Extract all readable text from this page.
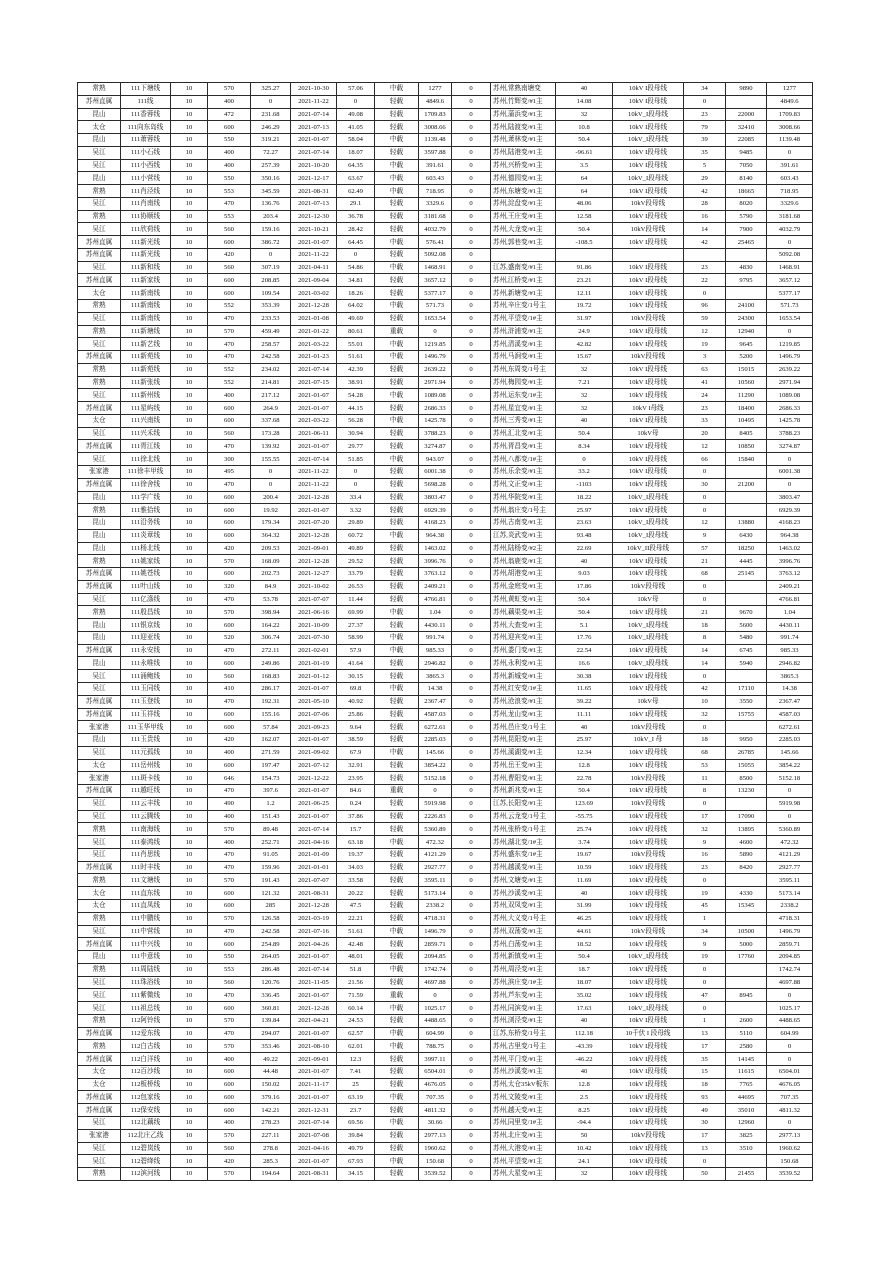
常熟	111下塘线	10	570	325.27	2021-10-30	57.06	中载	1277	0	苏州,常熟南塘变	40	10kV I段母线	34	9890	1277
苏州直属	111线	10	400	0	2021-11-22	0	轻载	4849.6	0	苏州,竹辉变/#1主	14.08	10kV I段母线	0		4849.6
昆山	111香蓉线	10	472	231.68	2021-07-14	49.08	轻载	1709.83	0	苏州,蒲浜变/#1主	32	10kV_I段母线	23	22000	1709.83
太仓	111向东岛线	10	600	246.29	2021-07-13	41.05	轻载	3008.66	0	苏州,陆渡变/#1主	10.8	10kV I段母线	79	32410	3008.66
昆山	111萧蓉线	10	550	319.21	2021-01-07	58.04	中载	1139.48	0	苏州,萧林变/#1主	50.4	10kV_I段母线	39	22085	1139.48
吴江	111小石线	10	400	72.27	2021-07-14	18.07	轻载	3597.88	0	苏州,陆港变/#1主	-96.61	10kV I段母线	35	9485	0
吴江	111小西线	10	400	257.39	2021-10-20	64.35	中载	391.61	0	苏州,兴桥变/#1主	3.5	10kV I段母线	5	7050	391.61
昆山	111小营线	10	550	350.16	2021-12-17	63.67	中载	603.43	0	苏州,德园变/#1主	64	10kV_I段母线	29	8140	603.43
常熟	111肖泾线	10	553	345.59	2021-08-31	62.49	中载	718.95	0	苏州,东塘变/#1主	64	10kV I段母线	42	18665	718.95
吴江	111肖南线	10	470	136.76	2021-07-13	29.1	轻载	3329.6	0	苏州,淀盘变/#1主	48.06	10kV段母线	28	8020	3329.6
常熟	111协顺线	10	553	203.4	2021-12-30	36.78	轻载	3181.68	0	苏州,王庄变/#1主	12.58	10kV I段母线	16	5790	3181.68
吴江	111欣荷线	10	560	159.16	2021-10-21	28.42	轻载	4032.79	0	苏州,大龙变/#1主	50.4	10kV段母线	14	7900	4032.79
苏州直属	111新光线	10	600	386.72	2021-01-07	64.45	中载	576.41	0	苏州,郭巷变/#1主	-108.5	10kV I段母线	42	25465	0
苏州直属	111新光线	10	420	0	2021-11-22	0	轻载	5092.08	0						5092.08
吴江	111新和线	10	560	307.19	2021-04-11	54.86	中载	1468.91	0	江苏,盛南变/#1主	91.86	10kV I段母线	23	4830	1468.91
苏州直属	111新家线	10	600	208.85	2021-09-04	34.81	轻载	3657.12	0	苏州,江桥变/#1主	23.21	10kV I段母线	22	9795	3657.12
太仓	111新南线	10	600	109.54	2021-03-02	18.26	轻载	5377.17	0	苏州,新塘变/#1主	12.11	10kV I段母线	0		5377.17
常熟	111新南线	10	552	353.39	2021-12-28	64.02	中载	571.73	0	苏州,辛庄变/1号主	19.72	10kV I段母线	96	24100	571.73
吴江	111新南线	10	470	233.53	2021-01-08	49.69	轻载	1653.54	0	苏州,平望变/1#主	31.97	10kV段母线	59	24300	1653.54
常熟	111新塘线	10	570	459.49	2021-01-22	80.61	重载	0	0	苏州,浒浦变/#1主	24.9	10kV I段母线	12	12940	0
吴江	111新艺线	10	470	258.57	2021-03-22	55.01	中载	1219.85	0	苏州,清溪变/#1主	42.82	10kV I段母线	19	9645	1219.85
苏州直属	111新苑线	10	470	242.58	2021-01-23	51.61	中载	1496.79	0	苏州,马涧变/#1主	15.67	10kV段母线	3	5200	1496.79
常熟	111新苑线	10	552	234.02	2021-07-14	42.39	轻载	2639.22	0	苏州,东周变/1号主	32	10kV I段母线	63	15015	2639.22
常熟	111新张线	10	552	214.81	2021-07-15	38.91	轻载	2971.94	0	苏州,梅园变/#1主	7.21	10kV I段母线	41	10560	2971.94
吴江	111新州线	10	400	217.12	2021-01-07	54.28	中载	1089.08	0	苏州,运东变/1#主	32	10kV I段母线	24	11290	1089.08
苏州直属	111星屿线	10	600	264.9	2021-01-07	44.15	轻载	2686.33	0	苏州,星宜变/#1主	32	10kV I母线	23	18400	2686.33
太仓	111兴南线	10	600	337.68	2021-03-22	56.28	中载	1425.78	0	苏州,三秀变/#1主	40	10kV I段母线	33	10495	1425.78
吴江	111兴禾线	10	560	173.28	2021-06-11	30.94	轻载	3788.23	0	苏州,汇北变/#1主	50.4	10kV母	20	8405	3788.23
苏州直属	111胥江线	10	470	139.92	2021-01-07	29.77	轻载	3274.87	0	苏州,胥昌变/#1主	8.34	10kV I段母线	12	10850	3274.87
吴江	111徐北线	10	300	155.55	2021-07-14	51.85	中载	943.07	0	苏州,八都变/1#主	0	10kV I段母线	66	15840	0
张家港	111徐丰甲线	10	495	0	2021-11-22	0	轻载	6001.38	0	苏州,乐余变/#1主	33.2	10kV I段母线	0		6001.38
苏州直属	111徐舍线	10	470	0	2021-11-22	0	轻载	5698.28	0	苏州,文正变/#1主	-1103	10kV I段母线	30	21200	0
昆山	111学广线	10	600	200.4	2021-12-28	33.4	轻载	3803.47	0	苏州,华院变/#1主	18.22	10kV_I段母线	0		3803.47
常熟	111雅拾线	10	600	19.92	2021-01-07	3.32	轻载	6929.39	0	苏州,翁庄变/1号主	25.97	10kV I段母线	0		6929.39
昆山	111沿务线	10	600	179.34	2021-07-20	29.89	轻载	4168.23	0	苏州,古南变/#1主	23.63	10kV_I段母线	12	13880	4168.23
昆山	111炎章线	10	600	364.32	2021-12-28	60.72	中载	964.38	0	江苏,炎武变/#1主	93.48	10kV_I段母线	9	6430	964.38
昆山	111杨北线	10	420	209.53	2021-09-01	49.89	轻载	1463.02	0	苏州,陆杨变/#2主	22.69	10kV_II段母线	57	18250	1463.02
常熟	111姚家线	10	570	168.09	2021-12-28	29.52	轻载	3996.76	0	苏州,翁鹿变/#1主	40	10kV I段母线	21	4445	3996.76
苏州直属	111姚苍线	10	600	202.73	2021-12-27	33.79	轻载	3763.12	0	苏州,胡港变/#1主	9.03	10kV I段母线	68	25145	3763.12
苏州直属	111叶山线	10	320	84.9	2021-10-02	26.53	轻载	2409.21	0	苏州,金庭变/#1主	17.86	10kV段母线	0		2409.21
吴江	111亿涤线	10	470	53.78	2021-07-07	11.44	轻载	4766.81	0	苏州,黄虹变/#1主	50.4	10kV母	0		4766.81
常熟	111殷昌线	10	570	398.94	2021-06-16	69.99	中载	1.04	0	苏州,藕渠变/#1主	50.4	10kV I段母线	21	9670	1.04
昆山	111银京线	10	600	164.22	2021-10-09	27.37	轻载	4430.11	0	苏州,大查变/#1主	5.1	10kV_I段母线	18	5600	4430.11
昆山	111迎亚线	10	520	306.74	2021-07-30	58.99	中载	991.74	0	苏州,迎宾变/#1主	17.76	10kV_I段母线	8	5480	991.74
苏州直属	111永安线	10	470	272.11	2021-02-01	57.9	中载	985.33	0	苏州,娄门变/#1主	22.54	10kV I段母线	14	6745	985.33
昆山	111永唯线	10	600	249.86	2021-01-19	41.64	轻载	2946.82	0	苏州,永利变/#1主	16.6	10kV_I段母线	14	5940	2946.82
吴江	111涌鲍线	10	560	168.83	2021-01-12	30.15	轻载	3865.3	0	苏州,新城变/#1主	30.38	10kV I段母线	0		3865.3
吴江	111玉同线	10	410	286.17	2021-01-07	69.8	中载	14.38	0	苏州,红安变/1#主	11.65	10kV I段母线	42	17110	14.38
苏州直属	111玉登线	10	470	192.31	2021-05-10	40.92	轻载	2367.47	0	苏州,沧浪变/#1主	39.22	10kV母	10	3550	2367.47
苏州直属	111玉祥线	10	600	155.16	2021-07-06	25.86	轻载	4587.03	0	苏州,龙山变/#1主	11.11	10kV I段母线	32	15755	4587.03
张家港	111玉华甲线	10	600	57.84	2021-09-23	9.64	轻载	6272.61	0	苏州,邑庄变/1号主	40	10kV段母线	0		6272.61
昆山	111玉贵线	10	420	162.07	2021-01-07	38.59	轻载	2285.03	0	苏州,昆阳变/#1主	25.97	10kV_I 母	18	9950	2285.03
吴江	111元孤线	10	400	271.59	2021-09-02	67.9	中载	145.66	0	苏州,溪湖变/#1主	12.34	10kV I段母线	68	26785	145.66
太仓	111岳州线	10	600	197.47	2021-07-12	32.91	轻载	3854.22	0	苏州,岳王变/#1主	12.8	10kV I段母线	53	15055	3854.22
张家港	111斑卡线	10	646	154.73	2021-12-22	23.95	轻载	5152.18	0	苏州,曹阳变/#1主	22.78	10kV段母线	11	8500	5152.18
苏州直属	111越旺线	10	470	397.6	2021-01-07	84.6	重载	0	0	苏州,新兆变/#1主	50.4	10kV I段母线	8	13230	0
吴江	111云丰线	10	490	1.2	2021-06-25	0.24	轻载	5919.98	0	江苏,长阳变/#1主	123.69	10kV段母线	0		5919.98
吴江	111云腾线	10	400	151.43	2021-01-07	37.86	轻载	2226.83	0	苏州,云龙变/1号主	-55.75	10kV I段母线	17	17090	0
常熟	111南海线	10	570	89.48	2021-07-14	15.7	轻载	5360.89	0	苏州,张桥变/1号主	25.74	10kV I段母线	32	13895	5360.89
吴江	111泰鸿线	10	400	252.71	2021-04-16	63.18	中载	472.32	0	苏州,湖北变/1#主	3.74	10kV I段母线	9	4600	472.32
吴江	111肖思线	10	470	91.05	2021-01-09	19.37	轻载	4121.29	0	苏州,盛东变/1#主	19.67	10kV段母线	16	5890	4121.29
苏州直属	111时丰线	10	470	159.96	2021-01-01	34.03	轻载	2927.77	0	苏州,越溪变/#1主	10.59	10kV I段母线	23	8420	2927.77
常熟	111文塘线	10	570	191.43	2021-07-07	33.58	轻载	3595.11	0	苏州,文塘变/#1主	11.69	10kV I段母线	0		3595.11
太仓	111直东线	10	600	121.32	2021-08-31	20.22	轻载	5173.14	0	苏州,沙溪变/#1主	40	10kV I段母线	19	4330	5173.14
太仓	111直凤线	10	600	285	2021-12-28	47.5	轻载	2338.2	0	苏州,双凤变/#1主	31.99	10kV I段母线	45	15345	2338.2
常熟	111中鹏线	10	570	126.58	2021-03-19	22.21	轻载	4718.31	0	苏州,大义变/1号主	46.25	10kV I段母线	1		4718.31
吴江	111中营线	10	470	242.58	2021-07-16	51.61	中载	1496.79	0	苏州,双荡变/#1主	44.61	10kV段母线	34	10500	1496.79
苏州直属	111中兴线	10	600	254.89	2021-04-26	42.48	轻载	2859.71	0	苏州,白荡变/#1主	18.52	10kV I段母线	9	5000	2859.71
昆山	111中意线	10	550	264.05	2021-01-07	48.01	轻载	2094.85	0	苏州,新镇变/#1主	50.4	10kV_I段母线	19	17760	2094.85
常熟	111周陆线	10	553	286.48	2021-07-14	51.8	中载	1742.74	0	苏州,周泾变/#1主	18.7	10kV I段母线	0		1742.74
吴江	111珠浴线	10	560	120.76	2021-11-05	21.56	轻载	4697.88	0	苏州,滨庄变/1#主	18.07	10kV I段母线	0		4697.88
吴江	111紫微线	10	470	336.45	2021-01-07	71.59	重载	0	0	苏州,芦东变/#1主	35.02	10kV I段母线	47	8945	0
吴江	111祖总线	10	600	360.81	2021-12-28	60.14	中载	1025.17	0	苏州,同滨变/#1主	17.63	10kV_I段母线	0		1025.17
常熟	112阿铃线	10	570	139.84	2021-04-21	24.53	轻载	4488.65	0	苏州,浏泾变/#1主	40	10kV I段母线	1	2600	4488.65
苏州直属	112爱东线	10	470	294.07	2021-01-07	62.57	中载	604.99	0	江苏,东桥变/1号主	112.18	10千伏 I 段母线	13	5110	604.99
常熟	112白古线	10	570	353.46	2021-08-10	62.01	中载	788.75	0	苏州,古里变/1号主	-43.39	10kV I段母线	17	2580	0
苏州直属	112白洋线	10	400	49.22	2021-09-01	12.3	轻载	3997.11	0	苏州,平门变/#1主	-46.22	10kV I段母线	35	14145	0
太仓	112百沙线	10	600	44.48	2021-01-07	7.41	轻载	6504.01	0	苏州,沙溪变/#1主	40	10kV I段母线	15	11615	6504.01
太仓	112板桥线	10	600	150.02	2021-11-17	25	轻载	4676.05	0	苏州,太仓35kV板东	12.8	10kV I段母线	18	7765	4676.05
苏州直属	112包家线	10	600	379.16	2021-01-07	63.19	中载	707.35	0	苏州,文陵变/#1主	2.5	10kV I段母线	93	44695	707.35
苏州直属	112保安线	10	600	142.21	2021-12-31	23.7	轻载	4811.32	0	苏州,越天变/#1主	8.25	10kV I段母线	49	35010	4811.32
吴江	112北藕线	10	400	278.23	2021-07-14	69.56	中载	30.66	0	苏州,同里变/1#主	-94.4	10kV I段母线	30	12960	0
张家港	112北庄乙线	10	570	227.11	2021-07-08	39.84	轻载	2977.13	0	苏州,北庄变/#1主	50	10kV段母线	17	3825	2977.13
吴江	112碧岚线	10	560	278.8	2021-04-16	49.79	轻载	1960.62	0	苏州,大港变/#1主	10.42	10kV I段母线	13	3510	1960.62
吴江	112碧绛线	10	420	285.3	2021-01-07	67.93	中载	150.68	0	苏州,平望变/#1主	24.1	10kV I段母线	0		150.68
常熟	112滨河线	10	570	194.64	2021-08-31	34.15	轻载	3539.52	0	苏州,大星变/#1主	32	10kV I段母线	50	21455	3539.52
